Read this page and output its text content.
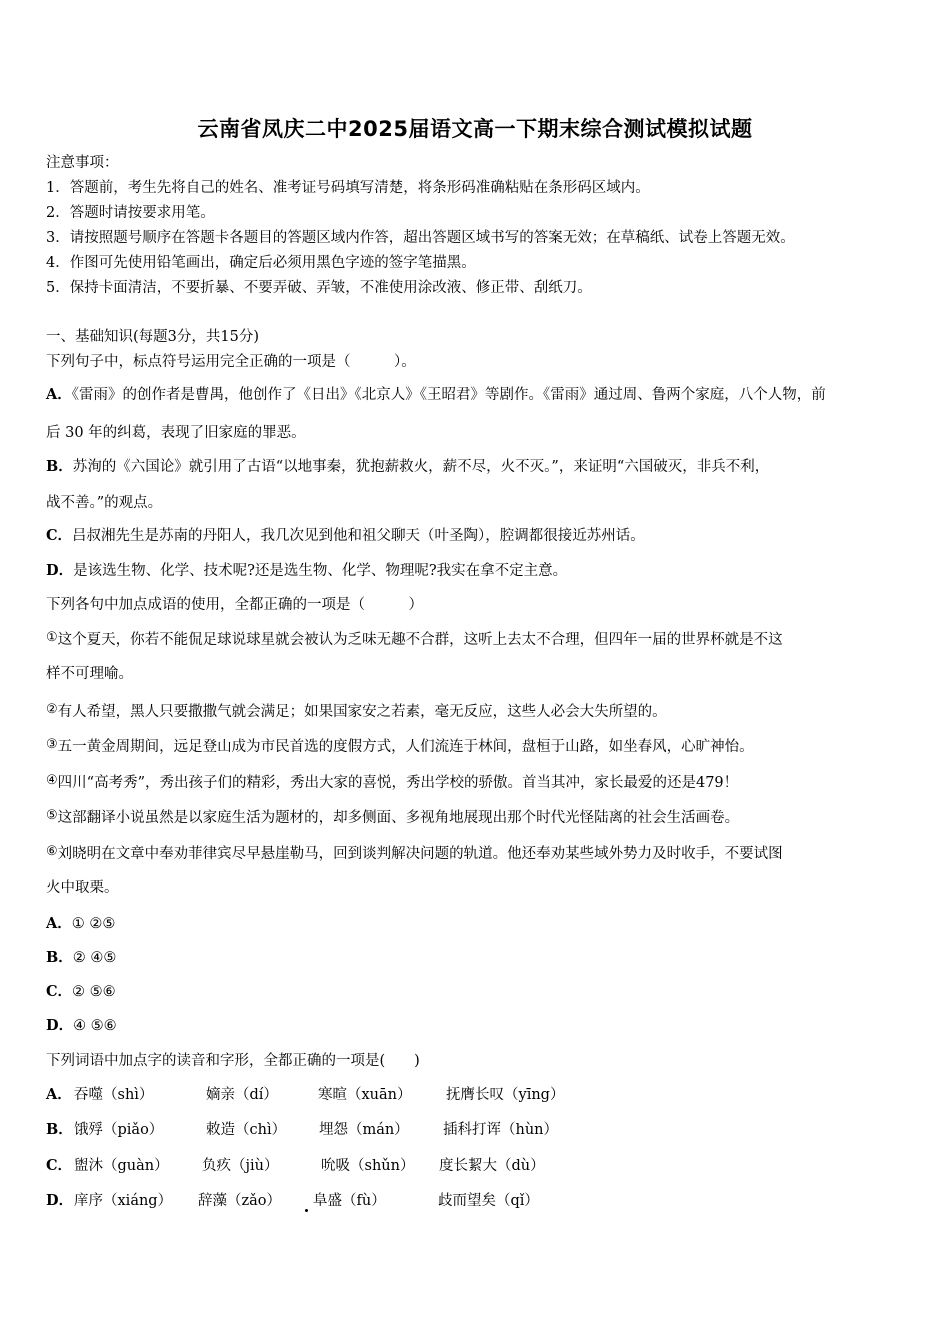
云南省凤庆二中2025届语文高一下期末综合测试模拟试题
注意事项：
1．答题前，考生先将自己的姓名、准考证号码填写清楚，将条形码准确粘贴在条形码区域内。
2．答题时请按要求用笔。
3．请按照题号顺序在答题卡各题目的答题区域内作答，超出答题区域书写的答案无效；在草稿纸、试卷上答题无效。
4．作图可先使用铅笔画出，确定后必须用黑色字迹的签字笔描黑。
5．保持卡面清洁，不要折暴、不要弄破、弄皱，不准使用涂改液、修正带、刮纸刀。
一、基础知识(每题3分，共15分)
下列句子中，标点符号运用完全正确的一项是（　　　）。
A．《雷雨》的创作者是曹禺，他创作了《日出》《北京人》《王昭君》等剧作。《雷雨》通过周、鲁两个家庭，八个人物，前
后 30 年的纠葛，表现了旧家庭的罪恶。
B．苏洵的《六国论》就引用了古语“以地事秦，犹抱薪救火，薪不尽，火不灭。”，来证明“六国破灭，非兵不利，
战不善。”的观点。
C．吕叔湘先生是苏南的丹阳人，我几次见到他和祖父聊天（叶圣陶），腔调都很接近苏州话。
D．是该选生物、化学、技术呢?还是选生物、化学、物理呢?我实在拿不定主意。
下列各句中加点成语的使用，全都正确的一项是（　　　）
①这个夏天，你若不能侃足球说球星就会被认为乏味无趣不合群，这听上去太不合理，但四年一届的世界杯就是不这
样不可理喻。
②有人希望，黑人只要撒撒气就会满足；如果国家安之若素，毫无反应，这些人必会大失所望的。
③五一黄金周期间，远足登山成为市民首选的度假方式，人们流连于林间，盘桓于山路，如坐春风，心旷神怡。
④四川“高考秀”，秀出孩子们的精彩，秀出大家的喜悦，秀出学校的骄傲。首当其冲，家长最爱的还是479！
⑤这部翻译小说虽然是以家庭生活为题材的，却多侧面、多视角地展现出那个时代光怪陆离的社会生活画卷。
⑥刘晓明在文章中奉劝菲律宾尽早悬崖勒马，回到谈判解决问题的轨道。他还奉劝某些域外势力及时收手，不要试图
火中取栗。
A．① ②⑤
B．② ④⑤
C．② ⑤⑥
D．④ ⑤⑥
下列词语中加点字的读音和字形，全都正确的一项是(　　)
A． 吞噬（shì）	嫡亲（dí）	寒暄（xuān） 抚膺长叹（yīng）
B．饿殍（piǎo）	敕造（chì） 埋怨（mán） 插科打诨（hùn）
C． 盥沐（guàn） 负疚（jiù）	吮吸（shǔn） 度长絜大（dù）
D．庠序（xiáng） 辞藻（zǎo） 阜盛（fù）	歧而望矣（qǐ）
